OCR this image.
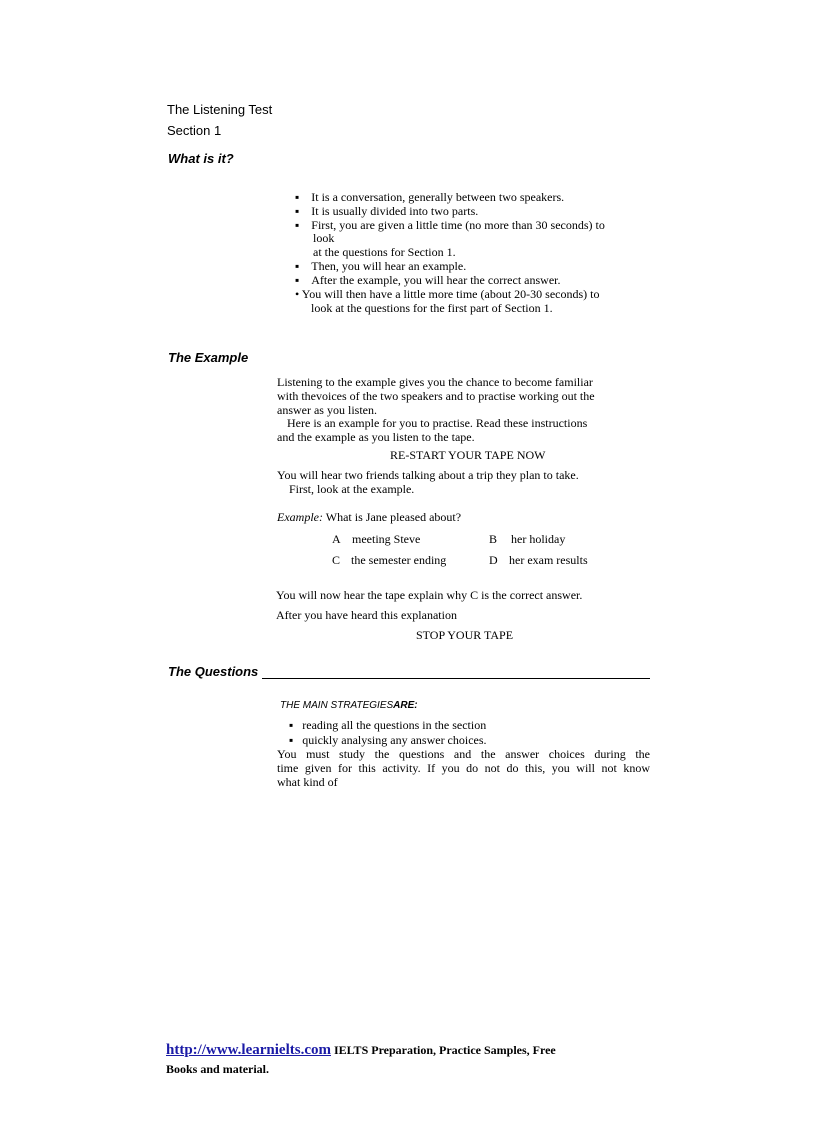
The Listening Test
Section 1
What is it?
▪    It is a conversation, generally between two speakers.
▪    It is usually divided into two parts.
▪    First, you are given a little time (no more than 30 seconds) to
look
at the questions for Section 1.
▪    Then, you will hear an example.
▪    After the example, you will hear the correct answer.
• You will then have a little more time (about 20-30 seconds) to
look at the questions for the first part of Section 1.
The Example
Listening to the example gives you the chance to become familiar
with thevoices of the two speakers and to practise working out the
answer as you listen.
Here is an example for you to practise. Read these instructions
and the example as you listen to the tape.
RE-START YOUR TAPE NOW
You will hear two friends talking about a trip they plan to take.
First, look at the example.
Example: What is Jane pleased about?
A meeting Steve	B her holiday
C the semester ending	D her exam results
You will now hear the tape explain why C is the correct answer.
After you have heard this explanation
STOP YOUR TAPE
The Questions
THE MAIN STRATEGIESARE:
▪   reading all the questions in the section
▪   quickly analysing any answer choices.
You must study the questions and the answer choices during the
time given for this activity. If you do not do this, you will not know
what kind of
http://www.learnielts.com IELTS Preparation, Practice Samples, Free
Books and material.
